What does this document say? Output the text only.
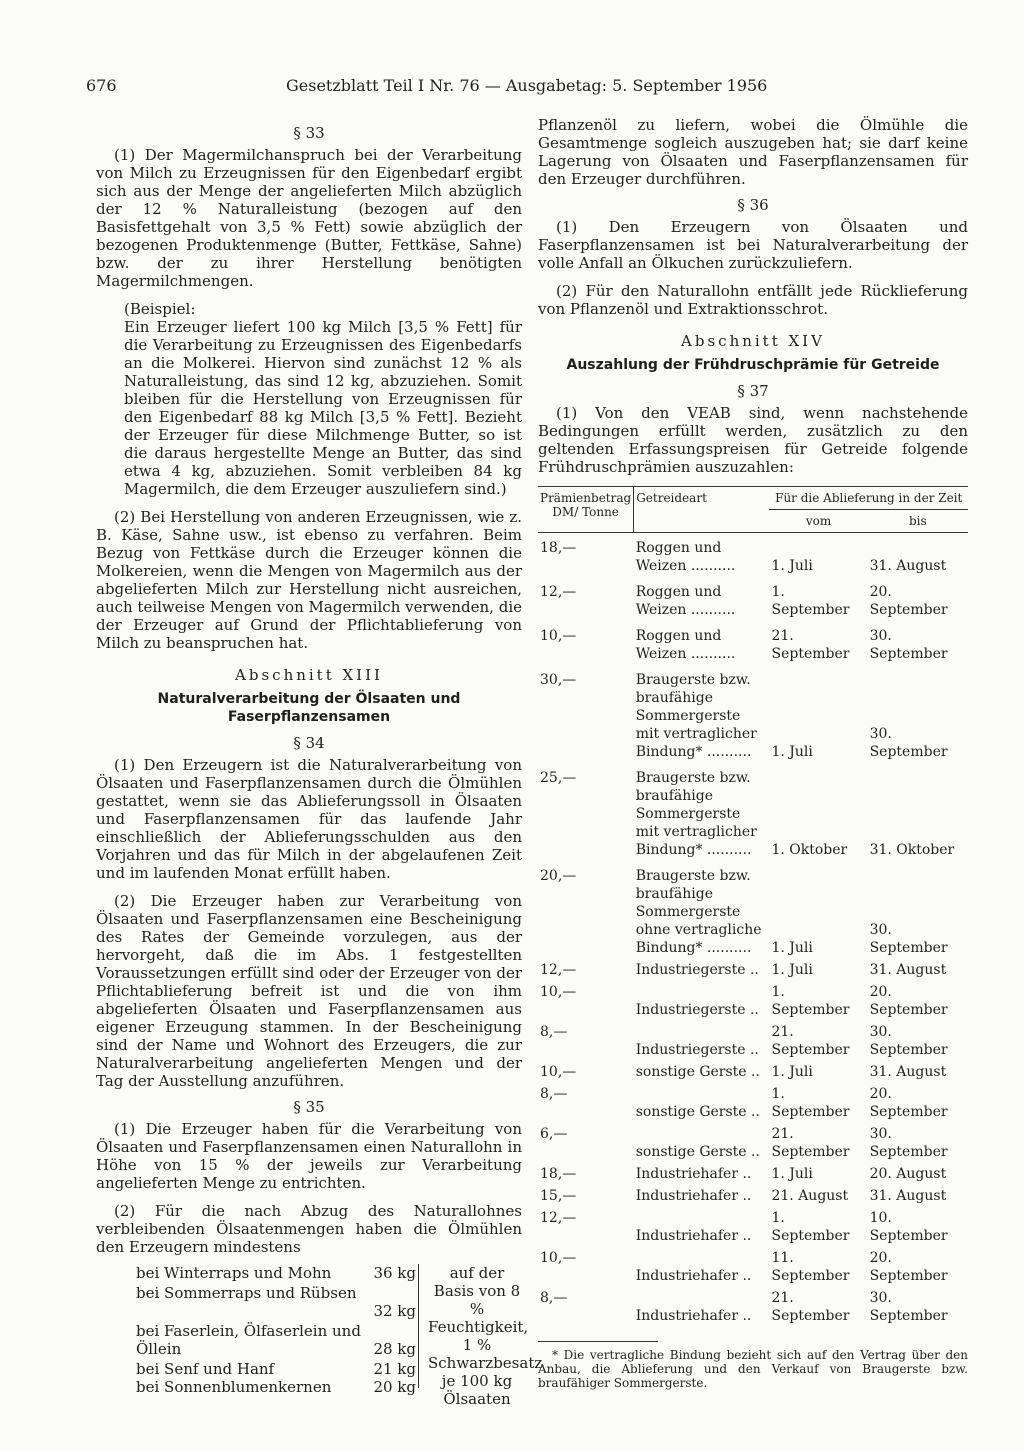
676	Gesetzblatt Teil I Nr. 76 — Ausgabetag: 5. September 1956
§ 33

(1) Der Magermilchanspruch bei der Verarbeitung von Milch zu Erzeugnissen für den Eigenbedarf ergibt sich aus der Menge der angelieferten Milch abzüglich der 12 % Naturalleistung (bezogen auf den Basisfettgehalt von 3,5 % Fett) sowie abzüglich der bezogenen Produktenmenge (Butter, Fettkäse, Sahne) bzw. der zu ihrer Herstellung benötigten Magermilchmengen.

(Beispiel:

Ein Erzeuger liefert 100 kg Milch [3,5 % Fett] für die Verarbeitung zu Erzeugnissen des Eigenbedarfs an die Molkerei. Hiervon sind zunächst 12 % als Naturalleistung, das sind 12 kg, abzuziehen. Somit bleiben für die Herstellung von Erzeugnissen für den Eigenbedarf 88 kg Milch [3,5 % Fett]. Bezieht der Erzeuger für diese Milchmenge Butter, so ist die daraus hergestellte Menge an Butter, das sind etwa 4 kg, abzuziehen. Somit verbleiben 84 kg Magermilch, die dem Erzeuger auszuliefern sind.)

(2) Bei Herstellung von anderen Erzeugnissen, wie z. B. Käse, Sahne usw., ist ebenso zu verfahren. Beim Bezug von Fettkäse durch die Erzeuger können die Molkereien, wenn die Mengen von Magermilch aus der abgelieferten Milch zur Herstellung nicht ausreichen, auch teilweise Mengen von Magermilch verwenden, die der Erzeuger auf Grund der Pflichtablieferung von Milch zu beanspruchen hat.

Abschnitt XIII
Naturalverarbeitung der Ölsaaten und Faserpflanzensamen
§ 34

(1) Den Erzeugern ist die Naturalverarbeitung von Ölsaaten und Faserpflanzensamen durch die Ölmühlen gestattet, wenn sie das Ablieferungssoll in Ölsaaten und Faserpflanzensamen für das laufende Jahr einschließlich der Ablieferungsschulden aus den Vorjahren und das für Milch in der abgelaufenen Zeit und im laufenden Monat erfüllt haben.

(2) Die Erzeuger haben zur Verarbeitung von Ölsaaten und Faserpflanzensamen eine Bescheinigung des Rates der Gemeinde vorzulegen, aus der hervorgeht, daß die im Abs. 1 festgestellten Voraussetzungen erfüllt sind oder der Erzeuger von der Pflichtablieferung befreit ist und die von ihm abgelieferten Ölsaaten und Faserpflanzensamen aus eigener Erzeugung stammen. In der Bescheinigung sind der Name und Wohnort des Erzeugers, die zur Naturalverarbeitung angelieferten Mengen und der Tag der Ausstellung anzuführen.

§ 35

(1) Die Erzeuger haben für die Verarbeitung von Ölsaaten und Faserpflanzensamen einen Naturallohn in Höhe von 15 % der jeweils zur Verarbeitung angelieferten Menge zu entrichten.

(2) Für die nach Abzug des Naturallohnes verbleibenden Ölsaatenmengen haben die Ölmühlen den Erzeugern mindestens

bei Winterraps und Mohn	36 kg
bei Sommerraps und Rübsen
32 kg
bei Faserlein, Ölfaserlein und Öllein	28 kg
bei Senf und Hanf	21 kg
bei Sonnenblumenkernen	20 kg
auf der Basis von 8 % Feuchtigkeit, 1 % Schwarzbesatz je 100 kg Ölsaaten

Pflanzenöl zu liefern, wobei die Ölmühle die Gesamtmenge sogleich auszugeben hat; sie darf keine Lagerung von Ölsaaten und Faserpflanzensamen für den Erzeuger durchführen.

§ 36

(1) Den Erzeugern von Ölsaaten und Faserpflanzensamen ist bei Naturalverarbeitung der volle Anfall an Ölkuchen zurückzuliefern.

(2) Für den Naturallohn entfällt jede Rücklieferung von Pflanzenöl und Extraktionsschrot.

Abschnitt XIV
Auszahlung der Frühdruschprämie für Getreide
§ 37

(1) Von den VEAB sind, wenn nachstehende Bedingungen erfüllt werden, zusätzlich zu den geltenden Erfassungspreisen für Getreide folgende Frühdruschprämien auszuzahlen:

Prämienbetrag DM/ Tonne	Getreideart	Für die Ablieferung in der Zeit	
		vom	bis
18,—	Roggen und Weizen ..........	1. Juli	31. August
12,—	Roggen und Weizen ..........	1. September	20. September
10,—	Roggen und Weizen ..........	21. September	30. September
30,—	Braugerste bzw. braufähige Sommergerste mit vertraglicher Bindung* ..........	1. Juli	30. September
25,—	Braugerste bzw. braufähige Sommergerste mit vertraglicher Bindung* ..........	1. Oktober	31. Oktober
20,—	Braugerste bzw. braufähige Sommergerste ohne vertragliche Bindung* ..........	1. Juli	30. September
12,—	Industriegerste ..	1. Juli	31. August
10,—	Industriegerste ..	1. September	20. September
8,—	Industriegerste ..	21. September	30. September
10,—	sonstige Gerste ..	1. Juli	31. August
8,—	sonstige Gerste ..	1. September	20. September
6,—	sonstige Gerste ..	21. September	30. September
18,—	Industriehafer ..	1. Juli	20. August
15,—	Industriehafer ..	21. August	31. August
12,—	Industriehafer ..	1. September	10. September
10,—	Industriehafer ..	11. September	20. September
8,—	Industriehafer ..	21. September	30. September

* Die vertragliche Bindung bezieht sich auf den Vertrag über den Anbau, die Ablieferung und den Verkauf von Braugerste bzw. braufähiger Sommergerste.
